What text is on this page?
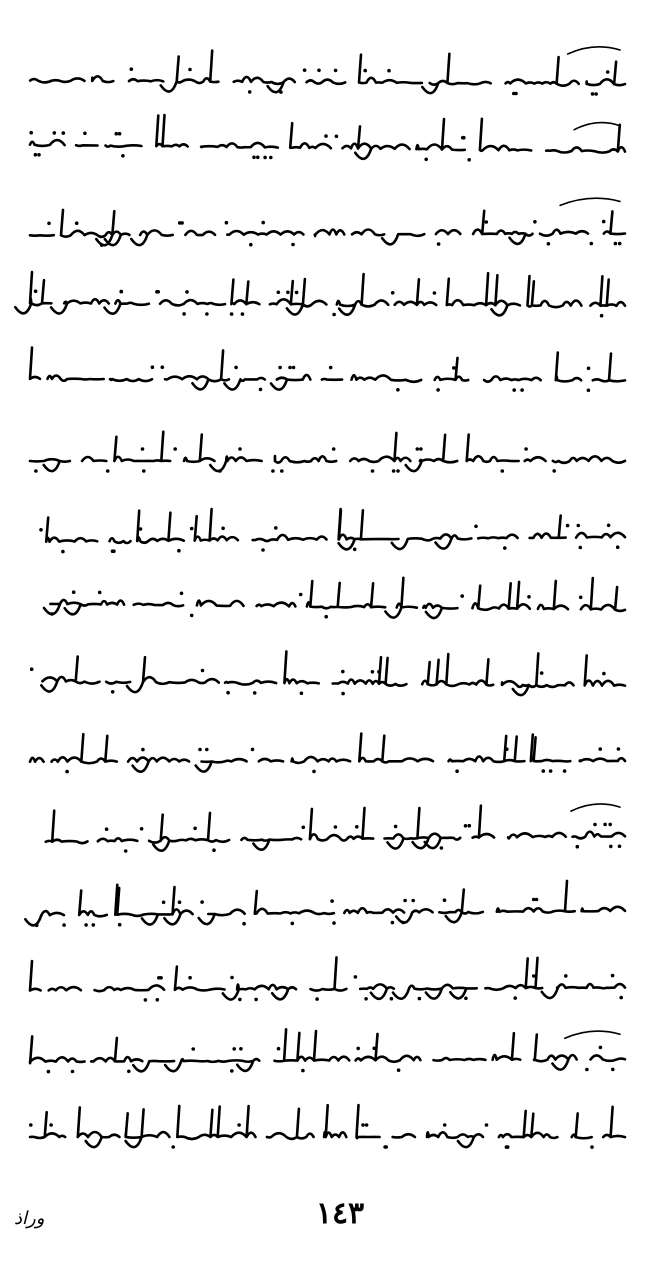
١٤٣
وراذ
